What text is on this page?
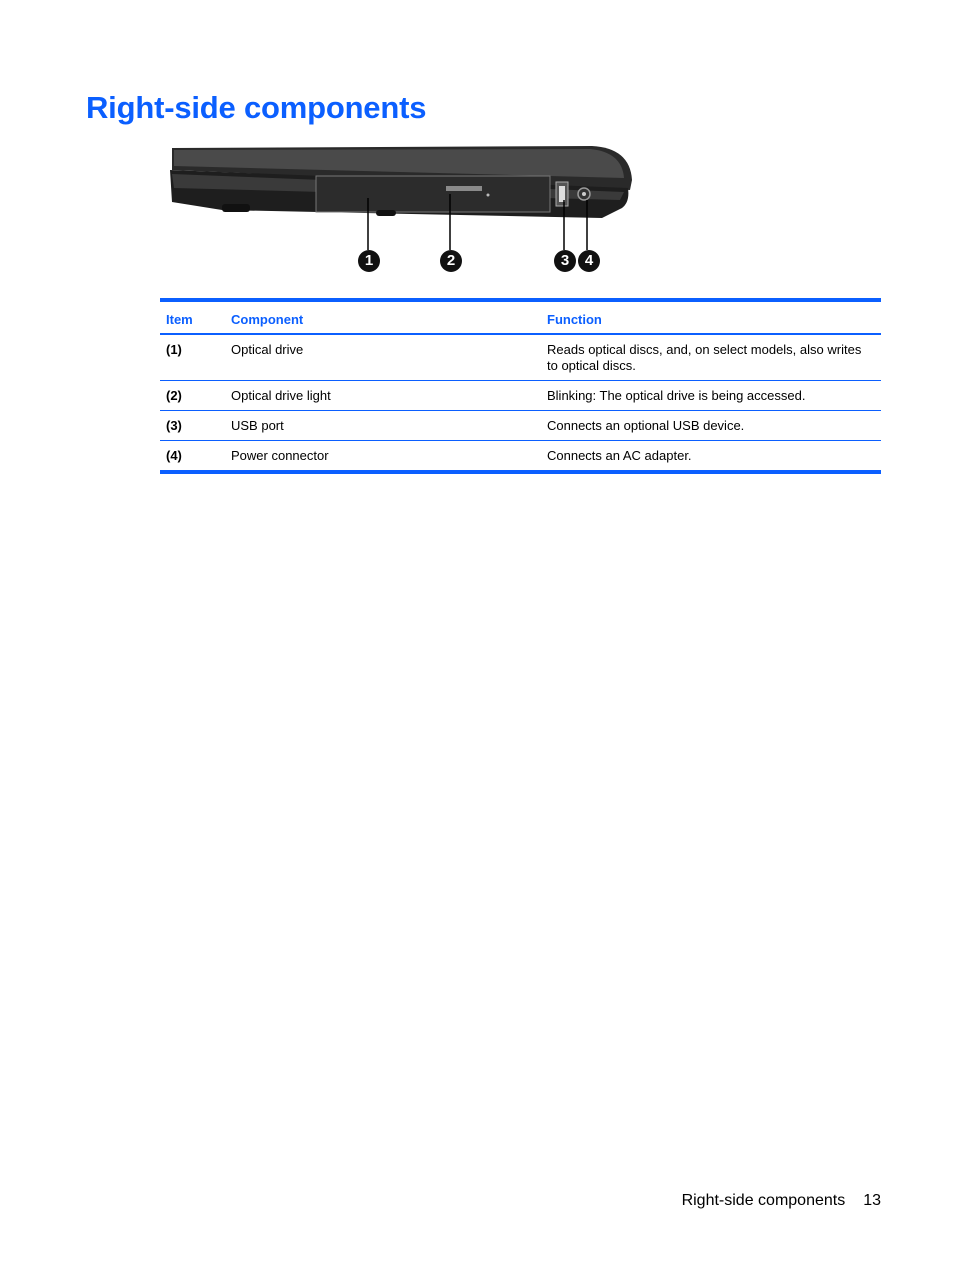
Right-side components
1	2	3	4
Item	Component	Function
(1)	Optical drive	Reads optical discs, and, on select models, also writes to optical discs.
(2)	Optical drive light	Blinking: The optical drive is being accessed.
(3)	USB port	Connects an optional USB device.
(4)	Power connector	Connects an AC adapter.
Right-side components 13
